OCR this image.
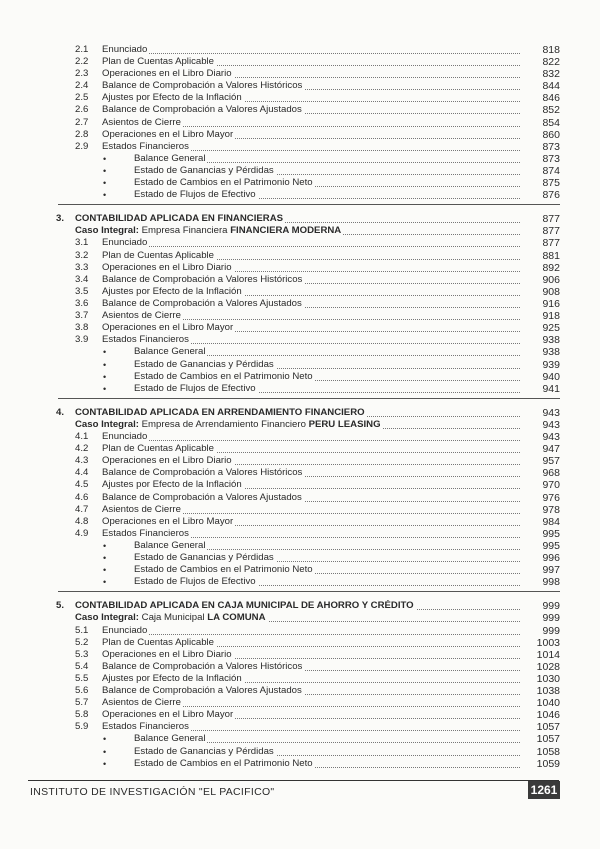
2.1 Enunciado	818
2.2 Plan de Cuentas Aplicable	822
2.3 Operaciones en el Libro Diario	832
2.4 Balance de Comprobación a Valores Históricos	844
2.5 Ajustes por Efecto de la Inflación	846
2.6 Balance de Comprobación a Valores Ajustados	852
2.7 Asientos de Cierre	854
2.8 Operaciones en el Libro Mayor	860
2.9 Estados Financieros	873
•	Balance General	873
•	Estado de Ganancias y Pérdidas	874
•	Estado de Cambios en el Patrimonio Neto	875
•	Estado de Flujos de Efectivo	876
3. CONTABILIDAD APLICADA EN FINANCIERAS	877
Caso Integral: Empresa Financiera FINANCIERA MODERNA	877
3.1 Enunciado	877
3.2 Plan de Cuentas Aplicable	881
3.3 Operaciones en el Libro Diario	892
3.4 Balance de Comprobación a Valores Históricos	906
3.5 Ajustes por Efecto de la Inflación	908
3.6 Balance de Comprobación a Valores Ajustados	916
3.7 Asientos de Cierre	918
3.8 Operaciones en el Libro Mayor	925
3.9 Estados Financieros	938
•	Balance General	938
•	Estado de Ganancias y Pérdidas	939
•	Estado de Cambios en el Patrimonio Neto	940
•	Estado de Flujos de Efectivo	941
4. CONTABILIDAD APLICADA EN ARRENDAMIENTO FINANCIERO	943
Caso Integral: Empresa de Arrendamiento Financiero PERU LEASING	943
4.1 Enunciado	943
4.2 Plan de Cuentas Aplicable	947
4.3 Operaciones en el Libro Diario	957
4.4 Balance de Comprobación a Valores Históricos	968
4.5 Ajustes por Efecto de la Inflación	970
4.6 Balance de Comprobación a Valores Ajustados	976
4.7 Asientos de Cierre	978
4.8 Operaciones en el Libro Mayor	984
4.9 Estados Financieros	995
•	Balance General	995
•	Estado de Ganancias y Pérdidas	996
•	Estado de Cambios en el Patrimonio Neto	997
•	Estado de Flujos de Efectivo	998
5. CONTABILIDAD APLICADA EN CAJA MUNICIPAL DE AHORRO Y CRÉDITO	999
Caso Integral: Caja Municipal LA COMUNA	999
5.1 Enunciado	999
5.2 Plan de Cuentas Aplicable	1003
5.3 Operaciones en el Libro Diario	1014
5.4 Balance de Comprobación a Valores Históricos	1028
5.5 Ajustes por Efecto de la Inflación	1030
5.6 Balance de Comprobación a Valores Ajustados	1038
5.7 Asientos de Cierre	1040
5.8 Operaciones en el Libro Mayor	1046
5.9 Estados Financieros	1057
•	Balance General	1057
•	Estado de Ganancias y Pérdidas	1058
•	Estado de Cambios en el Patrimonio Neto	1059
INSTITUTO DE INVESTIGACIÓN "EL PACIFICO"	1261
